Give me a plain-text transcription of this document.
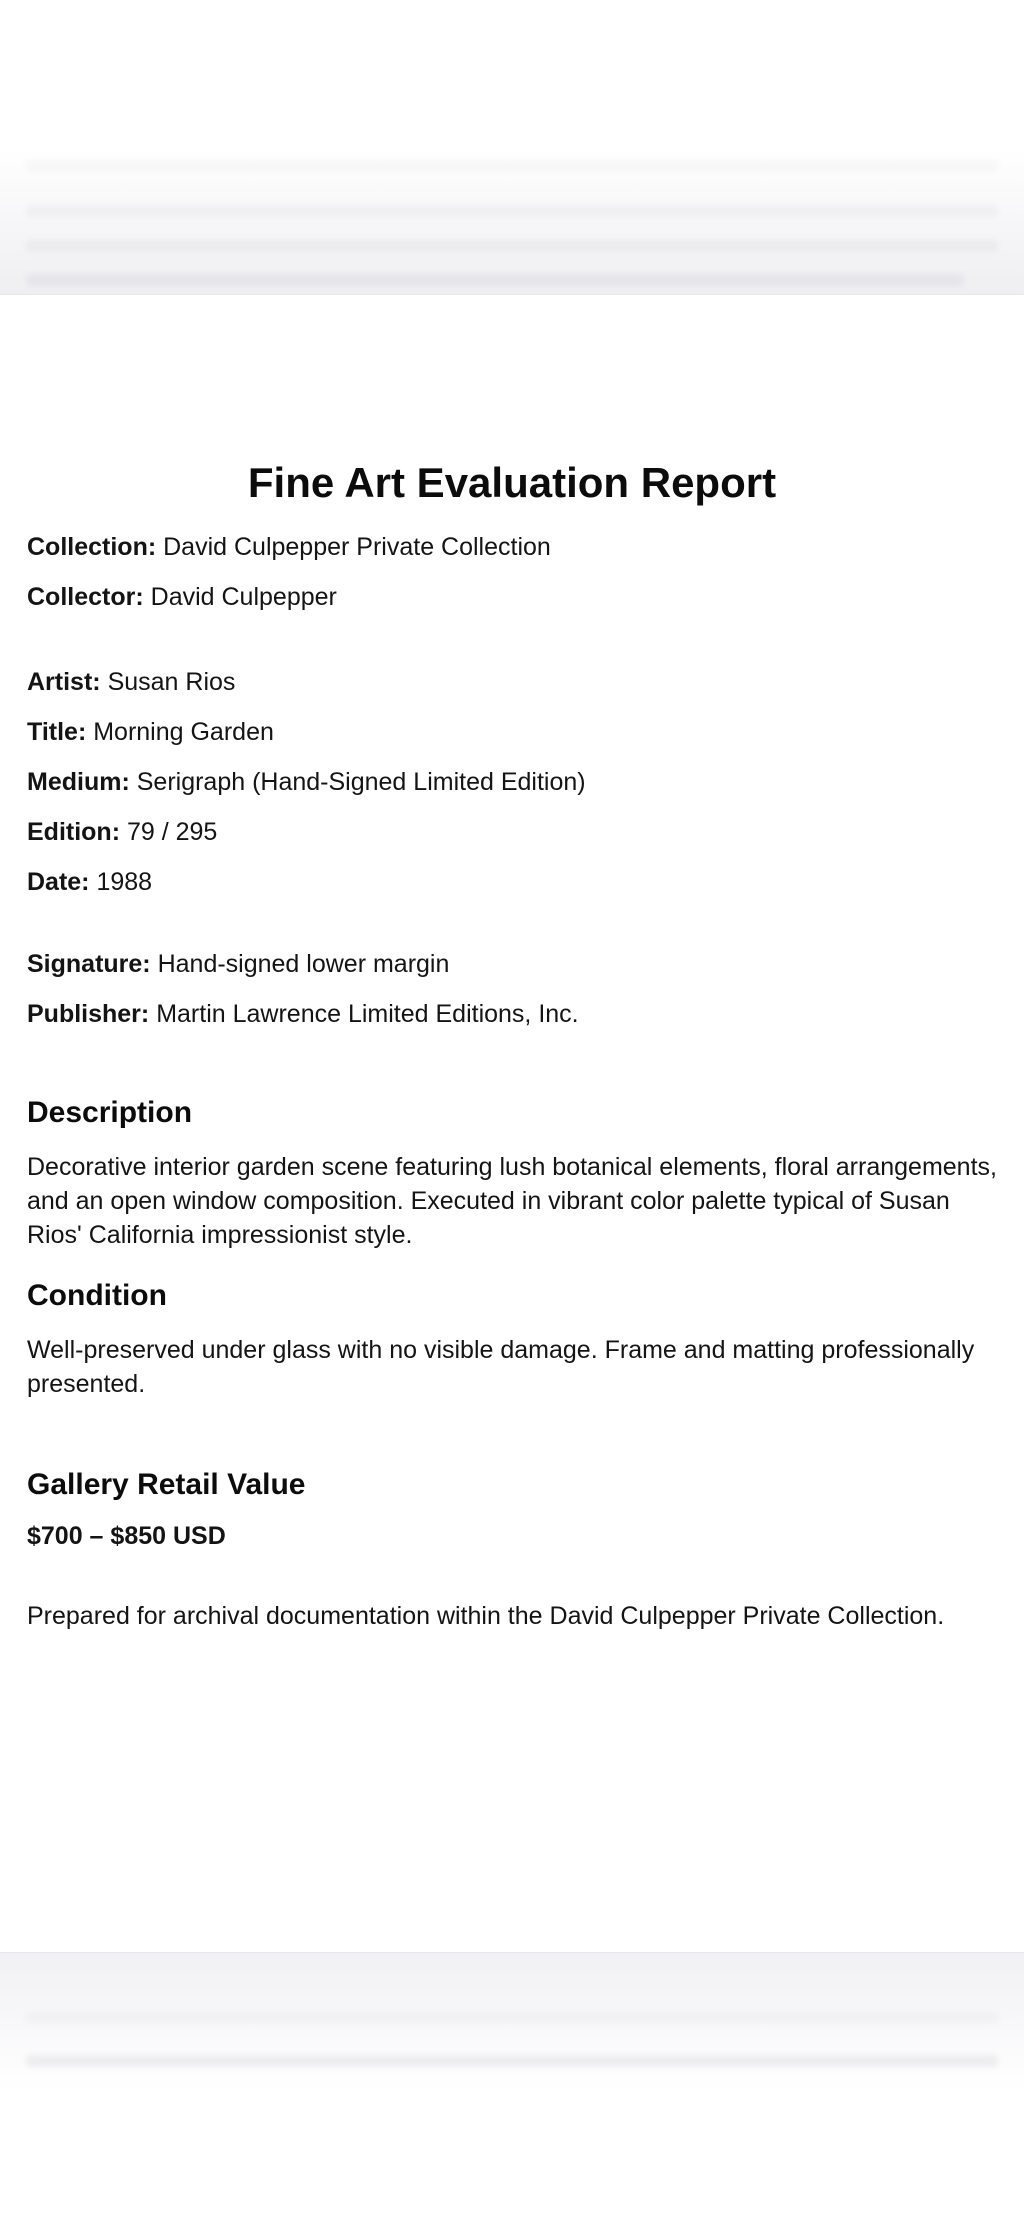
Fine Art Evaluation Report

Collection: David Culpepper Private Collection

Collector: David Culpepper

Artist: Susan Rios

Title: Morning Garden

Medium: Serigraph (Hand-Signed Limited Edition)

Edition: 79 / 295

Date: 1988

Signature: Hand-signed lower margin

Publisher: Martin Lawrence Limited Editions, Inc.

Description

Decorative interior garden scene featuring lush botanical elements, floral arrangements, and an open window composition. Executed in vibrant color palette typical of Susan Rios' California impressionist style.

Condition

Well-preserved under glass with no visible damage. Frame and matting professionally presented.

Gallery Retail Value

$700 – $850 USD

Prepared for archival documentation within the David Culpepper Private Collection.
